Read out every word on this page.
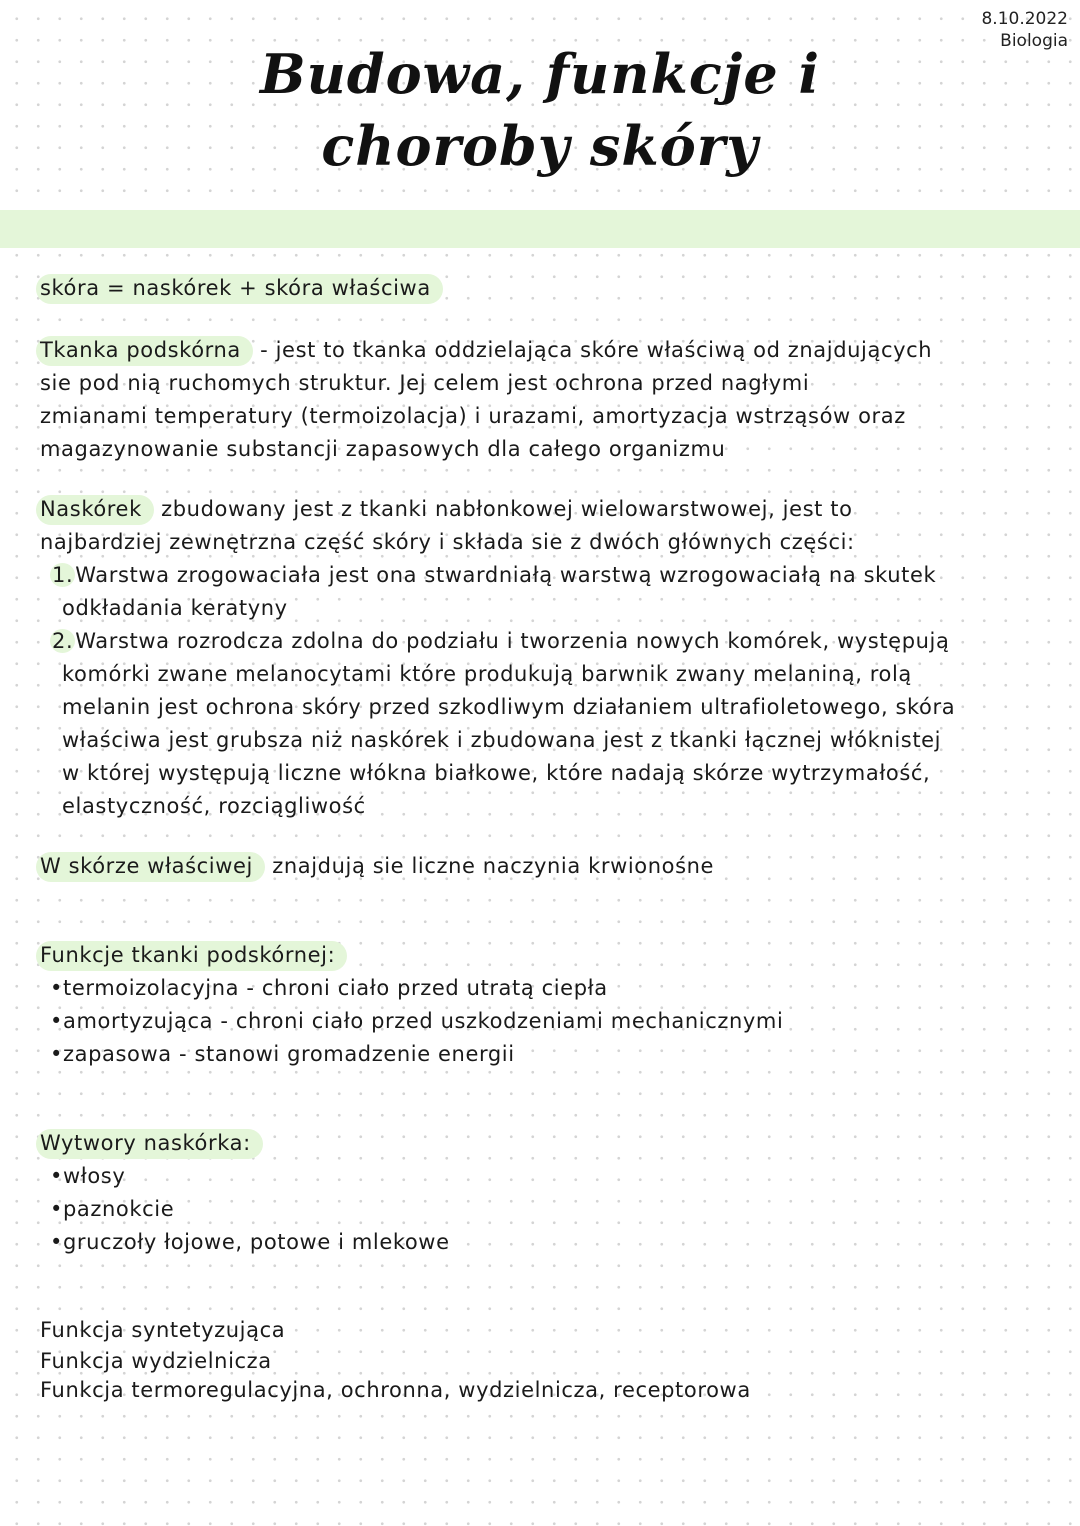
8.10.2022
Biologia
Budowa, funkcje i
choroby skóry
skóra = naskórek + skóra właściwa
Tkanka podskórna - jest to tkanka oddzielająca skóre właściwą od znajdujących
sie pod nią ruchomych struktur. Jej celem jest ochrona przed nagłymi
zmianami temperatury (termoizolacja) i urazami, amortyzacja wstrząsów oraz
magazynowanie substancji zapasowych dla całego organizmu
Naskórek zbudowany jest z tkanki nabłonkowej wielowarstwowej, jest to
najbardziej zewnętrzna część skóry i składa sie z dwóch głównych części:
1.Warstwa zrogowaciała jest ona stwardniałą warstwą wzrogowaciałą na skutek
odkładania keratyny
2.Warstwa rozrodcza zdolna do podziału i tworzenia nowych komórek, występują
komórki zwane melanocytami które produkują barwnik zwany melaniną, rolą
melanin jest ochrona skóry przed szkodliwym działaniem ultrafioletowego, skóra
właściwa jest grubsza niż naskórek i zbudowana jest z tkanki łącznej włóknistej
w której występują liczne włókna białkowe, które nadają skórze wytrzymałość,
elastyczność, rozciągliwość
W skórze właściwej znajdują sie liczne naczynia krwionośne
Funkcje tkanki podskórnej:
•termoizolacyjna - chroni ciało przed utratą ciepła
•amortyzująca - chroni ciało przed uszkodzeniami mechanicznymi
•zapasowa - stanowi gromadzenie energii
Wytwory naskórka:
•włosy
•paznokcie
•gruczoły łojowe, potowe i mlekowe
Funkcja syntetyzująca
Funkcja wydzielnicza
Funkcja termoregulacyjna, ochronna, wydzielnicza, receptorowa
